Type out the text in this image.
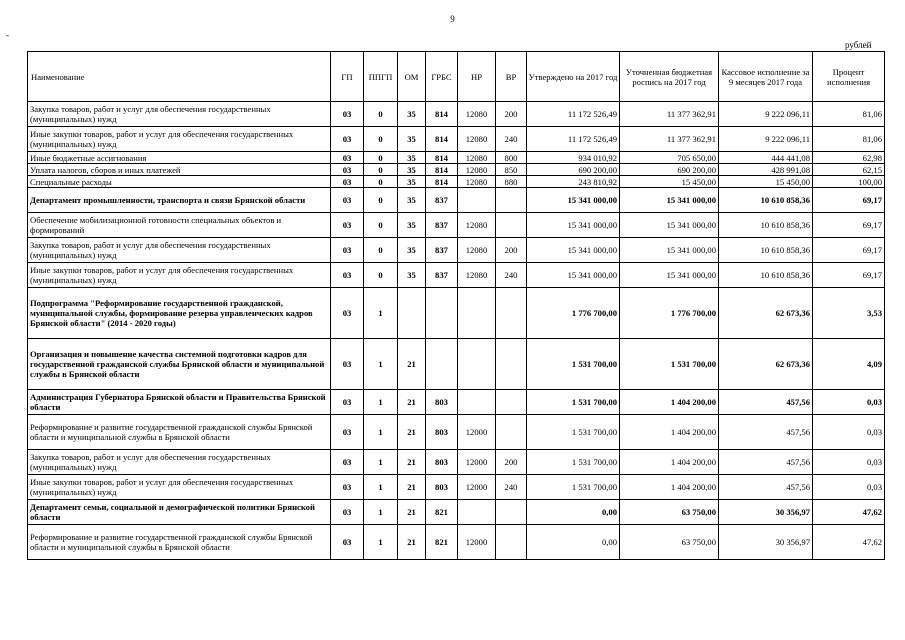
9
-
рублей
Наименование	ГП	ППГП	ОМ	ГРБС	НР	ВР	Утверждено на 2017 год	Уточненная бюджетная роспись на 2017 год	Кассовое исполнение за 9 месяцев 2017 года	Процент исполнения
Закупка товаров, работ и услуг для обеспечения государственных (муниципальных) нужд	03	0	35	814	12080	200	11 172 526,49	11 377 362,91	9 222 096,11	81,06
Иные закупки товаров, работ и услуг для обеспечения государственных (муниципальных) нужд	03	0	35	814	12080	240	11 172 526,49	11 377 362,91	9 222 096,11	81,06
Иные бюджетные ассигнования	03	0	35	814	12080	800	934 010,92	705 650,00	444 441,08	62,98
Уплата налогов, сборов и иных платежей	03	0	35	814	12080	850	690 200,00	690 200,00	428 991,08	62,15
Специальные расходы	03	0	35	814	12080	880	243 810,92	15 450,00	15 450,00	100,00
Департамент промышленности, транспорта и связи Брянской области	03	0	35	837			15 341 000,00	15 341 000,00	10 610 858,36	69,17
Обеспечение мобилизационной готовности специальных объектов и формирований	03	0	35	837	12080		15 341 000,00	15 341 000,00	10 610 858,36	69,17
Закупка товаров, работ и услуг для обеспечения государственных (муниципальных) нужд	03	0	35	837	12080	200	15 341 000,00	15 341 000,00	10 610 858,36	69,17
Иные закупки товаров, работ и услуг для обеспечения государственных (муниципальных) нужд	03	0	35	837	12080	240	15 341 000,00	15 341 000,00	10 610 858,36	69,17
Подпрограмма "Реформирование государственной гражданской, муниципальной службы, формирование резерва управленческих кадров Брянской области" (2014 - 2020 годы)	03	1					1 776 700,00	1 776 700,00	62 673,36	3,53
Организация и повышение качества системной подготовки кадров для государственной гражданской службы Брянской области и муниципальной службы в Брянской области	03	1	21				1 531 700,00	1 531 700,00	62 673,36	4,09
Администрация Губернатора Брянской области и Правительства Брянской области	03	1	21	803			1 531 700,00	1 404 200,00	457,56	0,03
Реформирование и развитие государственной гражданской службы Брянской области и муниципальной службы в Брянской области	03	1	21	803	12000		1 531 700,00	1 404 200,00	457,56	0,03
Закупка товаров, работ и услуг для обеспечения государственных (муниципальных) нужд	03	1	21	803	12000	200	1 531 700,00	1 404 200,00	457,56	0,03
Иные закупки товаров, работ и услуг для обеспечения государственных (муниципальных) нужд	03	1	21	803	12000	240	1 531 700,00	1 404 200,00	457,56	0,03
Департамент семьи, социальной и демографической политики Брянской области	03	1	21	821			0,00	63 750,00	30 356,97	47,62
Реформирование и развитие государственной гражданской службы Брянской области и муниципальной службы в Брянской области	03	1	21	821	12000		0,00	63 750,00	30 356,97	47,62
